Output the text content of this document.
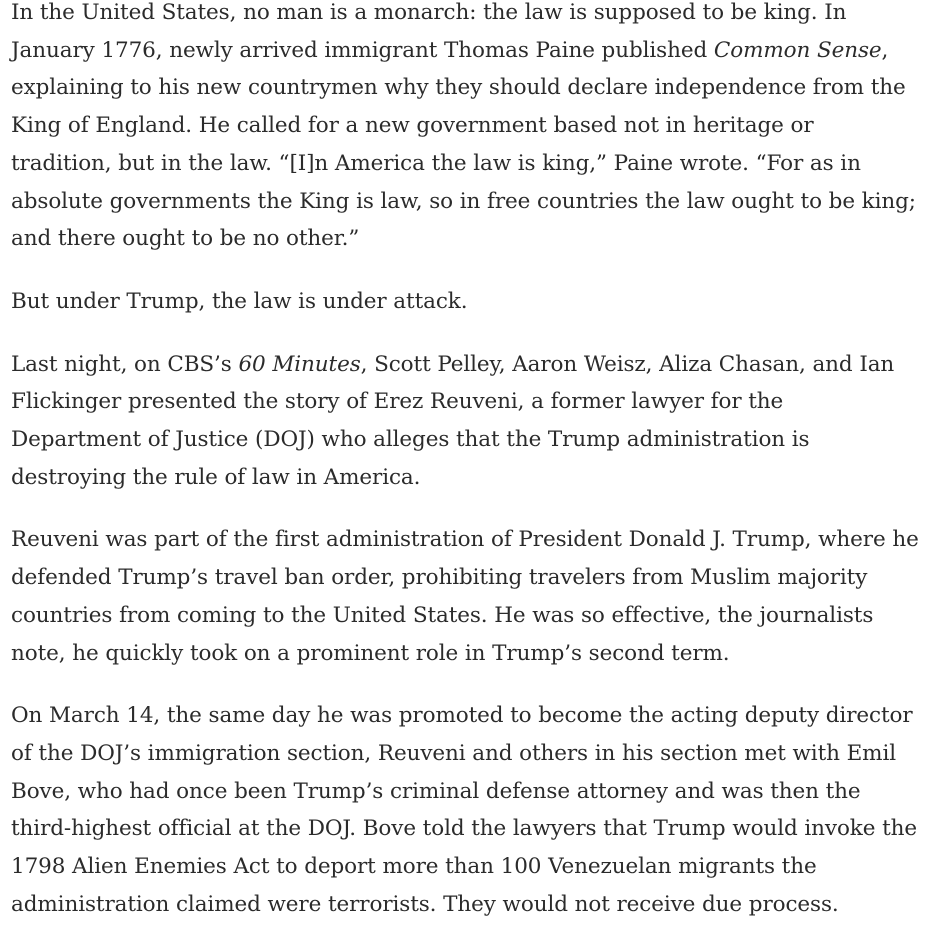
In the United States, no man is a monarch: the law is supposed to be king. In January 1776, newly arrived immigrant Thomas Paine published Common Sense, explaining to his new countrymen why they should declare independence from the King of England. He called for a new government based not in heritage or tradition, but in the law. “[I]n America the law is king,” Paine wrote. “For as in absolute governments the King is law, so in free countries the law ought to be king; and there ought to be no other.”

But under Trump, the law is under attack.

Last night, on CBS’s 60 Minutes, Scott Pelley, Aaron Weisz, Aliza Chasan, and Ian Flickinger presented the story of Erez Reuveni, a former lawyer for the Department of Justice (DOJ) who alleges that the Trump administration is destroying the rule of law in America.

Reuveni was part of the first administration of President Donald J. Trump, where he defended Trump’s travel ban order, prohibiting travelers from Muslim majority countries from coming to the United States. He was so effective, the journalists note, he quickly took on a prominent role in Trump’s second term.

On March 14, the same day he was promoted to become the acting deputy director of the DOJ’s immigration section, Reuveni and others in his section met with Emil Bove, who had once been Trump’s criminal defense attorney and was then the third-highest official at the DOJ. Bove told the lawyers that Trump would invoke the 1798 Alien Enemies Act to deport more than 100 Venezuelan migrants the administration claimed were terrorists. They would not receive due process.
